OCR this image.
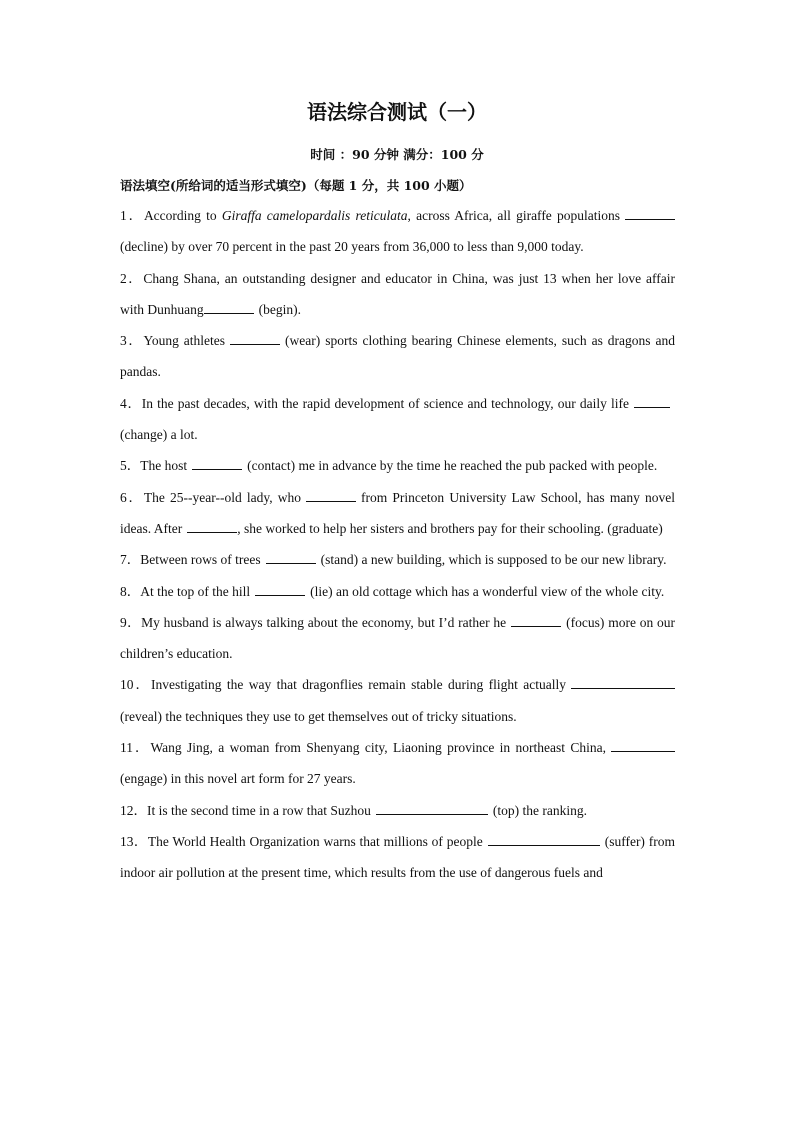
语法综合测试（一）
时间 ：90 分钟 满分：100 分
语法填空(所给词的适当形式填空)（每题 1 分，共 100 小题）

1．According to Giraffa camelopardalis reticulata, across Africa, all giraffe populations (decline) by over 70 percent in the past 20 years from 36,000 to less than 9,000 today.

2．Chang Shana, an outstanding designer and educator in China, was just 13 when her love affair with Dunhuang	(begin).

3．Young athletes	(wear) sports clothing bearing Chinese elements, such as dragons and pandas.

4．In the past decades, with the rapid development of science and technology, our daily life(change) a lot.

5．The host	(contact) me in advance by the time he reached the pub packed with people.

6．The 25--year--old lady, who	from Princeton University Law School, has many novel ideas. After	, she worked to help her sisters and brothers pay for their schooling. (graduate)

7．Between rows of trees	(stand) a new building, which is supposed to be our new library.

8．At the top of the hill	(lie) an old cottage which has a wonderful view of the whole city.

9．My husband is always talking about the economy, but I’d rather he	(focus) more on our children’s education.

10．Investigating the way that dragonflies remain stable during flight actually (reveal) the techniques they use to get themselves out of tricky situations.

11．Wang Jing, a woman from Shenyang city, Liaoning province in northeast China, (engage) in this novel art form for 27 years.

12．It is the second time in a row that Suzhou	(top) the ranking.

13．The World Health Organization warns that millions of people	(suffer) from indoor air pollution at the present time, which results from the use of dangerous fuels and
